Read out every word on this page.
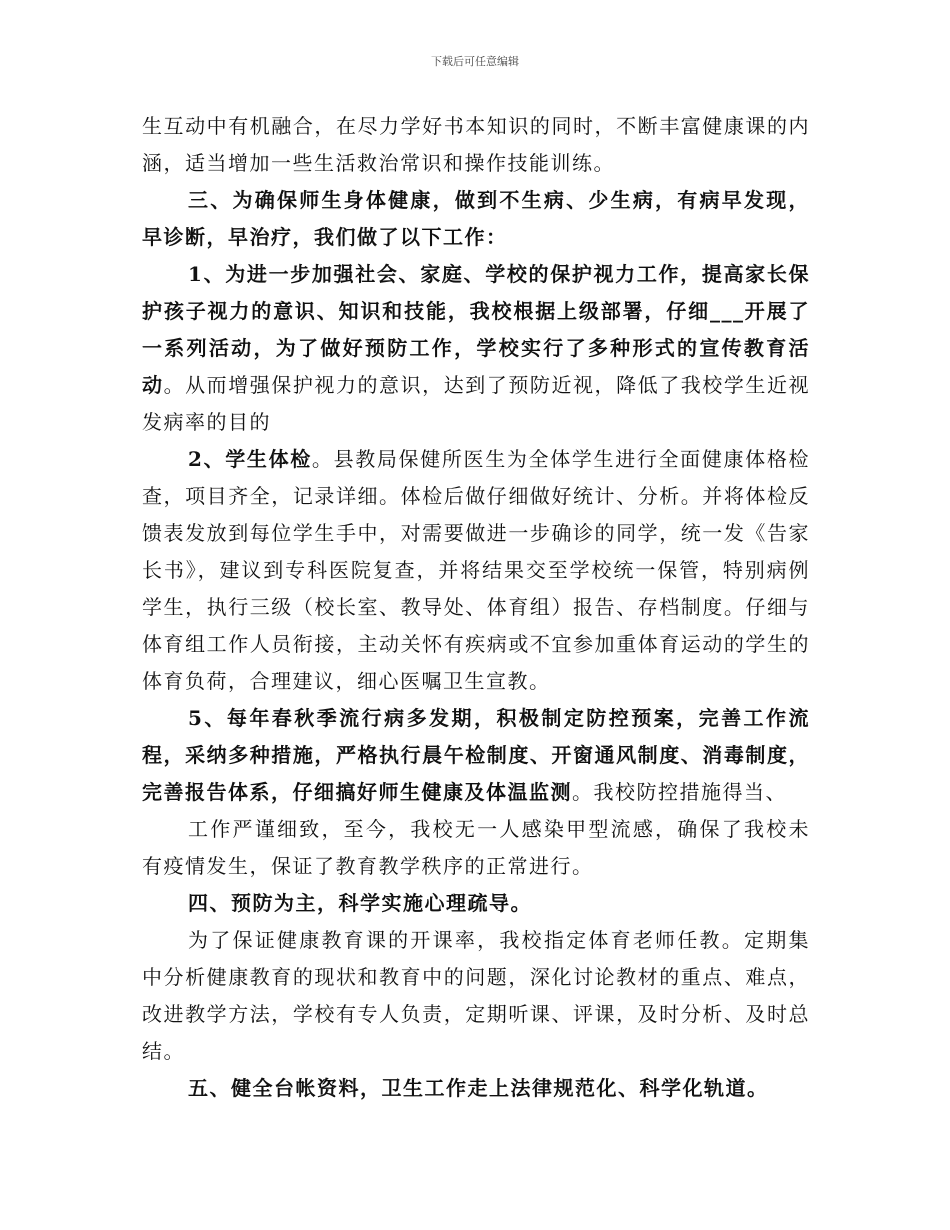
下载后可任意编辑

生互动中有机融合，在尽力学好书本知识的同时，不断丰富健康课的内涵，适当增加一些生活救治常识和操作技能训练。

三、为确保师生身体健康，做到不生病、少生病，有病早发现，早诊断，早治疗，我们做了以下工作：

1、为进一步加强社会、家庭、学校的保护视力工作，提高家长保护孩子视力的意识、知识和技能，我校根据上级部署，仔细___开展了一系列活动，为了做好预防工作，学校实行了多种形式的宣传教育活动。从而增强保护视力的意识，达到了预防近视，降低了我校学生近视发病率的目的

2、学生体检。县教局保健所医生为全体学生进行全面健康体格检查，项目齐全，记录详细。体检后做仔细做好统计、分析。并将体检反馈表发放到每位学生手中，对需要做进一步确诊的同学，统一发《告家长书》，建议到专科医院复查，并将结果交至学校统一保管，特别病例学生，执行三级（校长室、教导处、体育组）报告、存档制度。仔细与体育组工作人员衔接，主动关怀有疾病或不宜参加重体育运动的学生的体育负荷，合理建议，细心医嘱卫生宣教。

5、每年春秋季流行病多发期，积极制定防控预案，完善工作流程，采纳多种措施，严格执行晨午检制度、开窗通风制度、消毒制度，完善报告体系，仔细搞好师生健康及体温监测。我校防控措施得当、

工作严谨细致，至今，我校无一人感染甲型流感，确保了我校未有疫情发生，保证了教育教学秩序的正常进行。

四、预防为主，科学实施心理疏导。

为了保证健康教育课的开课率，我校指定体育老师任教。定期集中分析健康教育的现状和教育中的问题，深化讨论教材的重点、难点，改进教学方法，学校有专人负责，定期听课、评课，及时分析、及时总结。

五、健全台帐资料，卫生工作走上法律规范化、科学化轨道。
